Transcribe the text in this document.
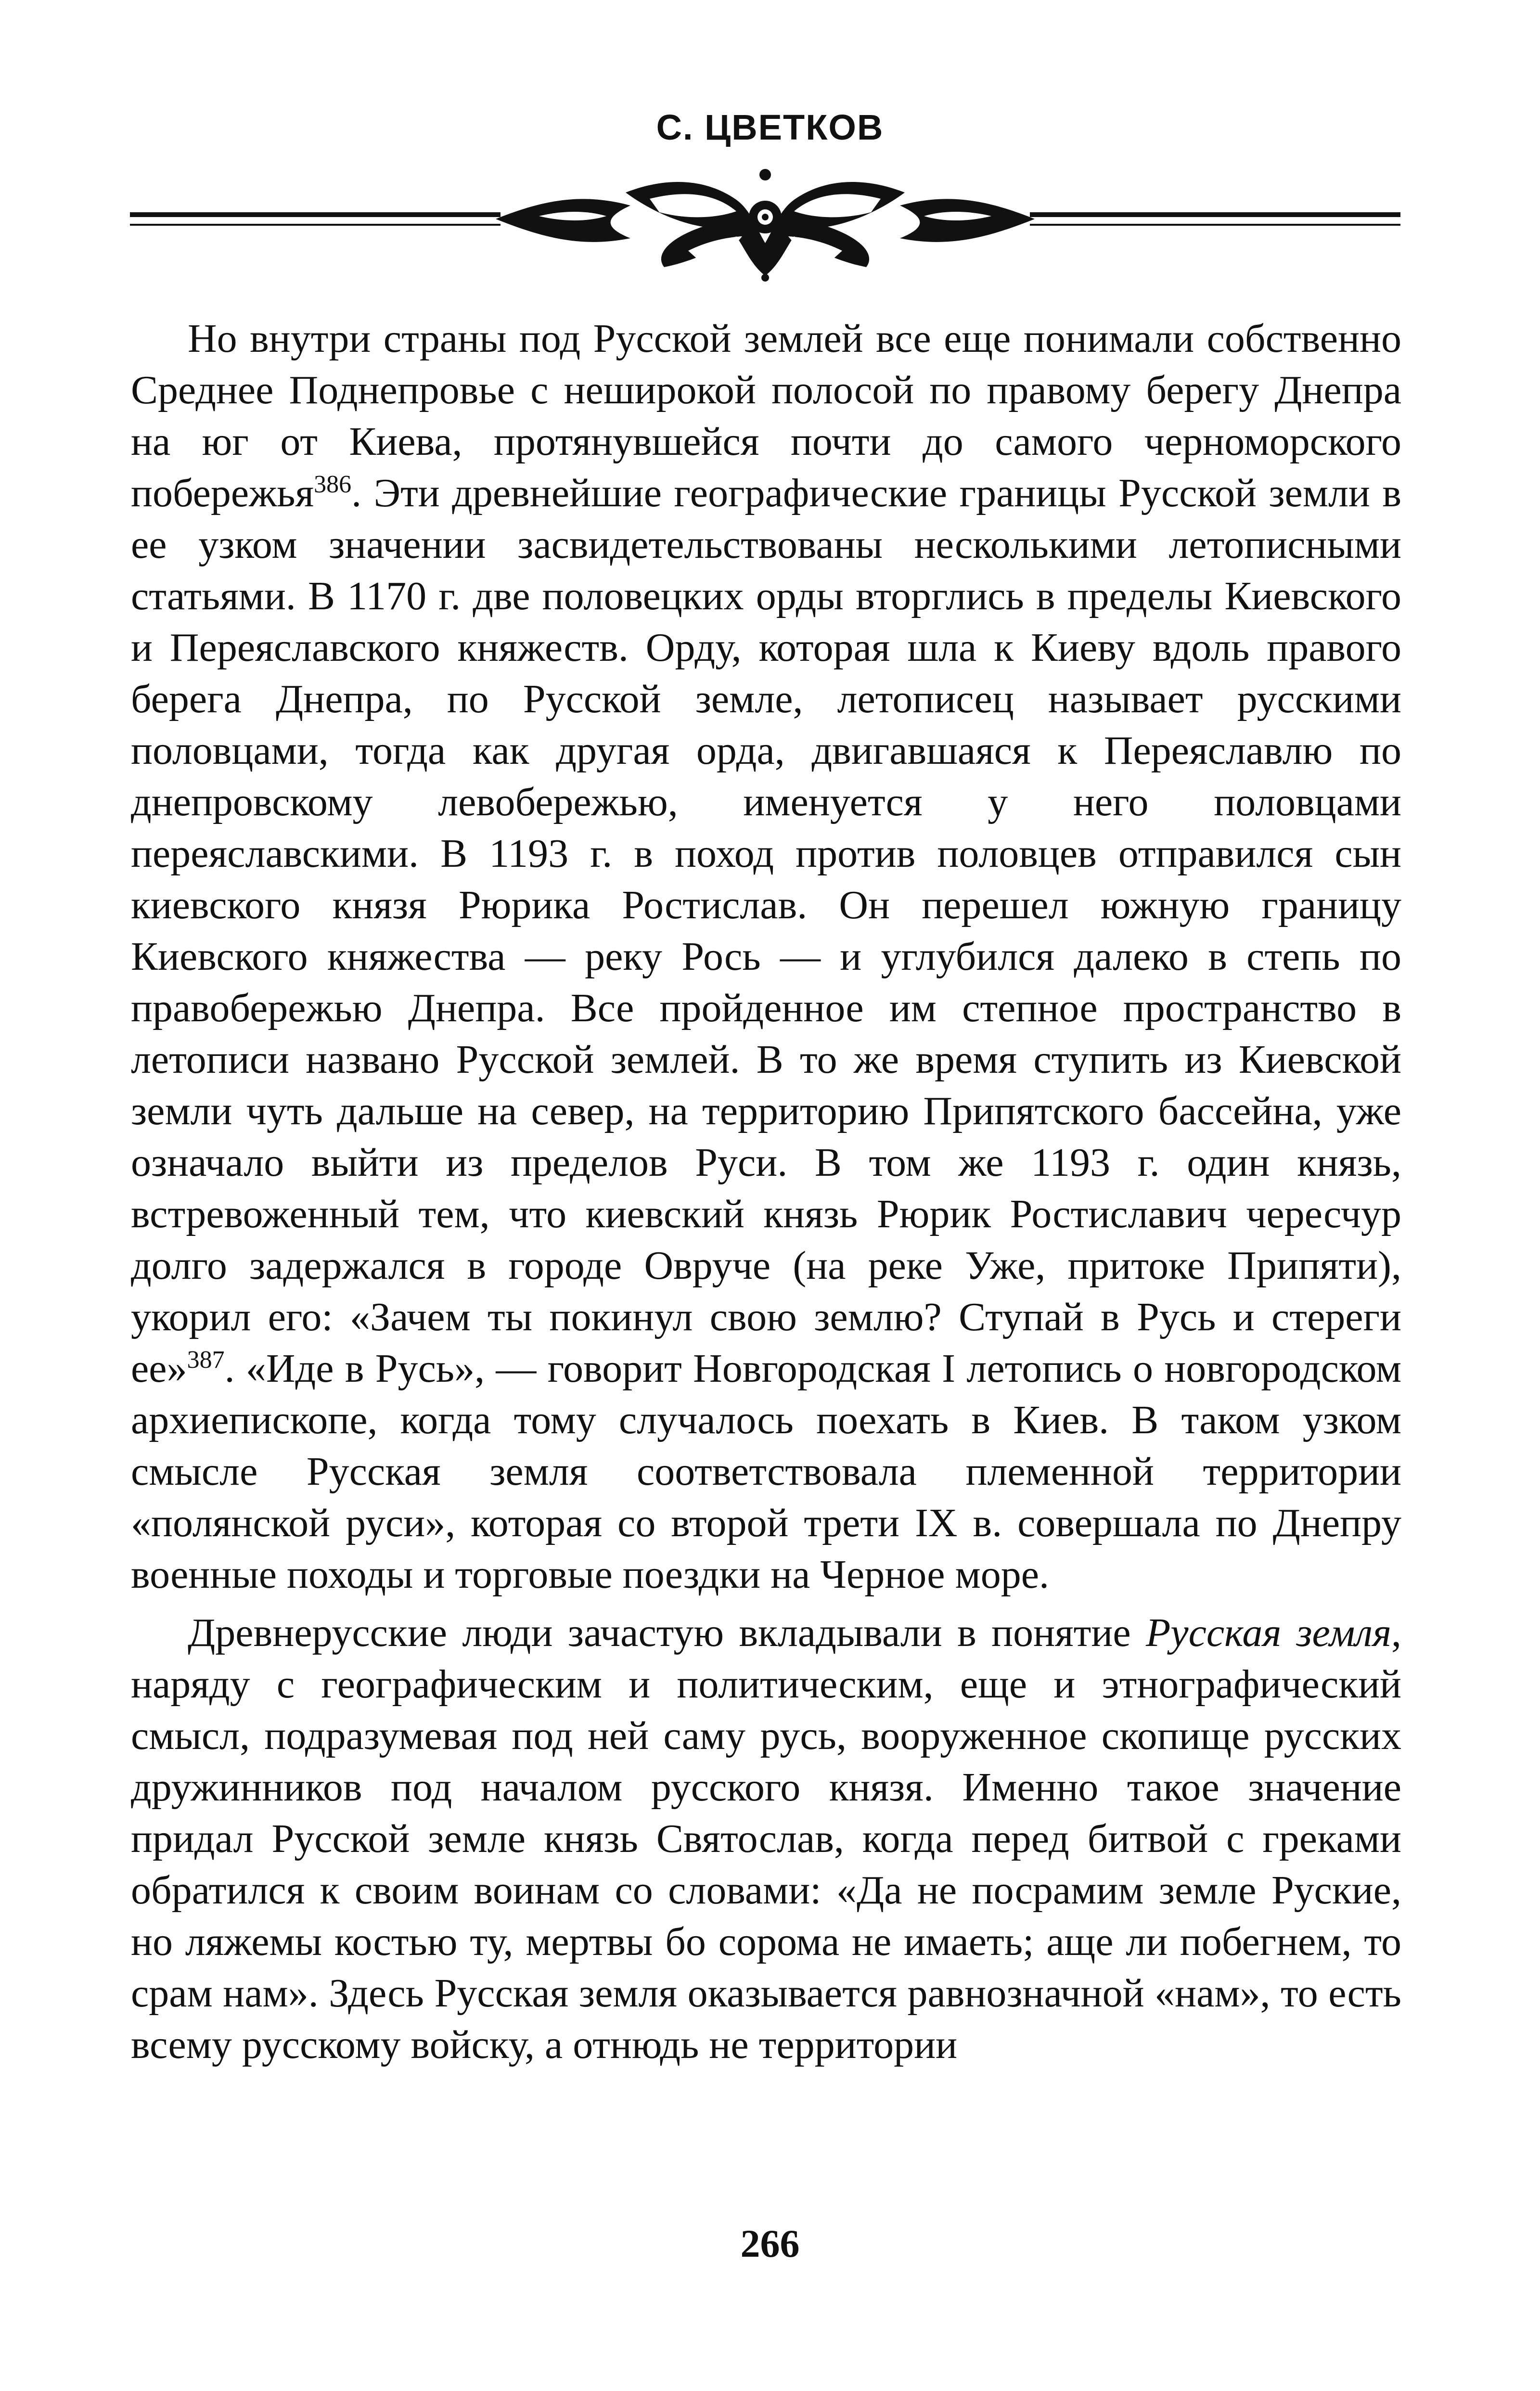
С. ЦВЕТКОВ

Но внутри страны под Русской землей все еще понимали собственно Среднее Поднепровье с неширокой полосой по правому берегу Днепра на юг от Киева, протянувшейся почти до самого черноморского побережья$^{386}$. Эти древнейшие географические границы Русской земли в ее узком значении засвидетельствованы несколькими летописными статьями. В 1170 г. две половецких орды вторглись в пределы Киевского и Переяславского княжеств. Орду, которая шла к Киеву вдоль правого берега Днепра, по Русской земле, летописец называет русскими половцами, тогда как другая орда, двигавшаяся к Переяславлю по днепровскому левобережью, именуется у него половцами переяславскими. В 1193 г. в поход против половцев отправился сын киевского князя Рюрика Ростислав. Он перешел южную границу Киевского княжества — реку Рось — и углубился далеко в степь по правобережью Днепра. Все пройденное им степное пространство в летописи названо Русской землей. В то же время ступить из Киевской земли чуть дальше на север, на территорию Припятского бассейна, уже означало выйти из пределов Руси. В том же 1193 г. один князь, встревоженный тем, что киевский князь Рюрик Ростиславич чересчур долго задержался в городе Овруче (на реке Уже, притоке Припяти), укорил его: «Зачем ты покинул свою землю? Ступай в Русь и стереги ее»$^{387}$. «Иде в Русь», — говорит Новгородская I летопись о новгородском архиепископе, когда тому случалось поехать в Киев. В таком узком смысле Русская земля соответствовала племенной территории «полянской руси», которая со второй трети IX в. совершала по Днепру военные походы и торговые поездки на Черное море.

Древнерусские люди зачастую вкладывали в понятие Русская земля, наряду с географическим и политическим, еще и этнографический смысл, подразумевая под ней саму русь, вооруженное скопище русских дружинников под началом русского князя. Именно такое значение придал Русской земле князь Святослав, когда перед битвой с греками обратился к своим воинам со словами: «Да не посрамим земле Руские, но ляжемы костью ту, мертвы бо сорома не имаеть; аще ли побегнем, то срам нам». Здесь Русская земля оказывается равнозначной «нам», то есть всему русскому войску, а отнюдь не территории

266
